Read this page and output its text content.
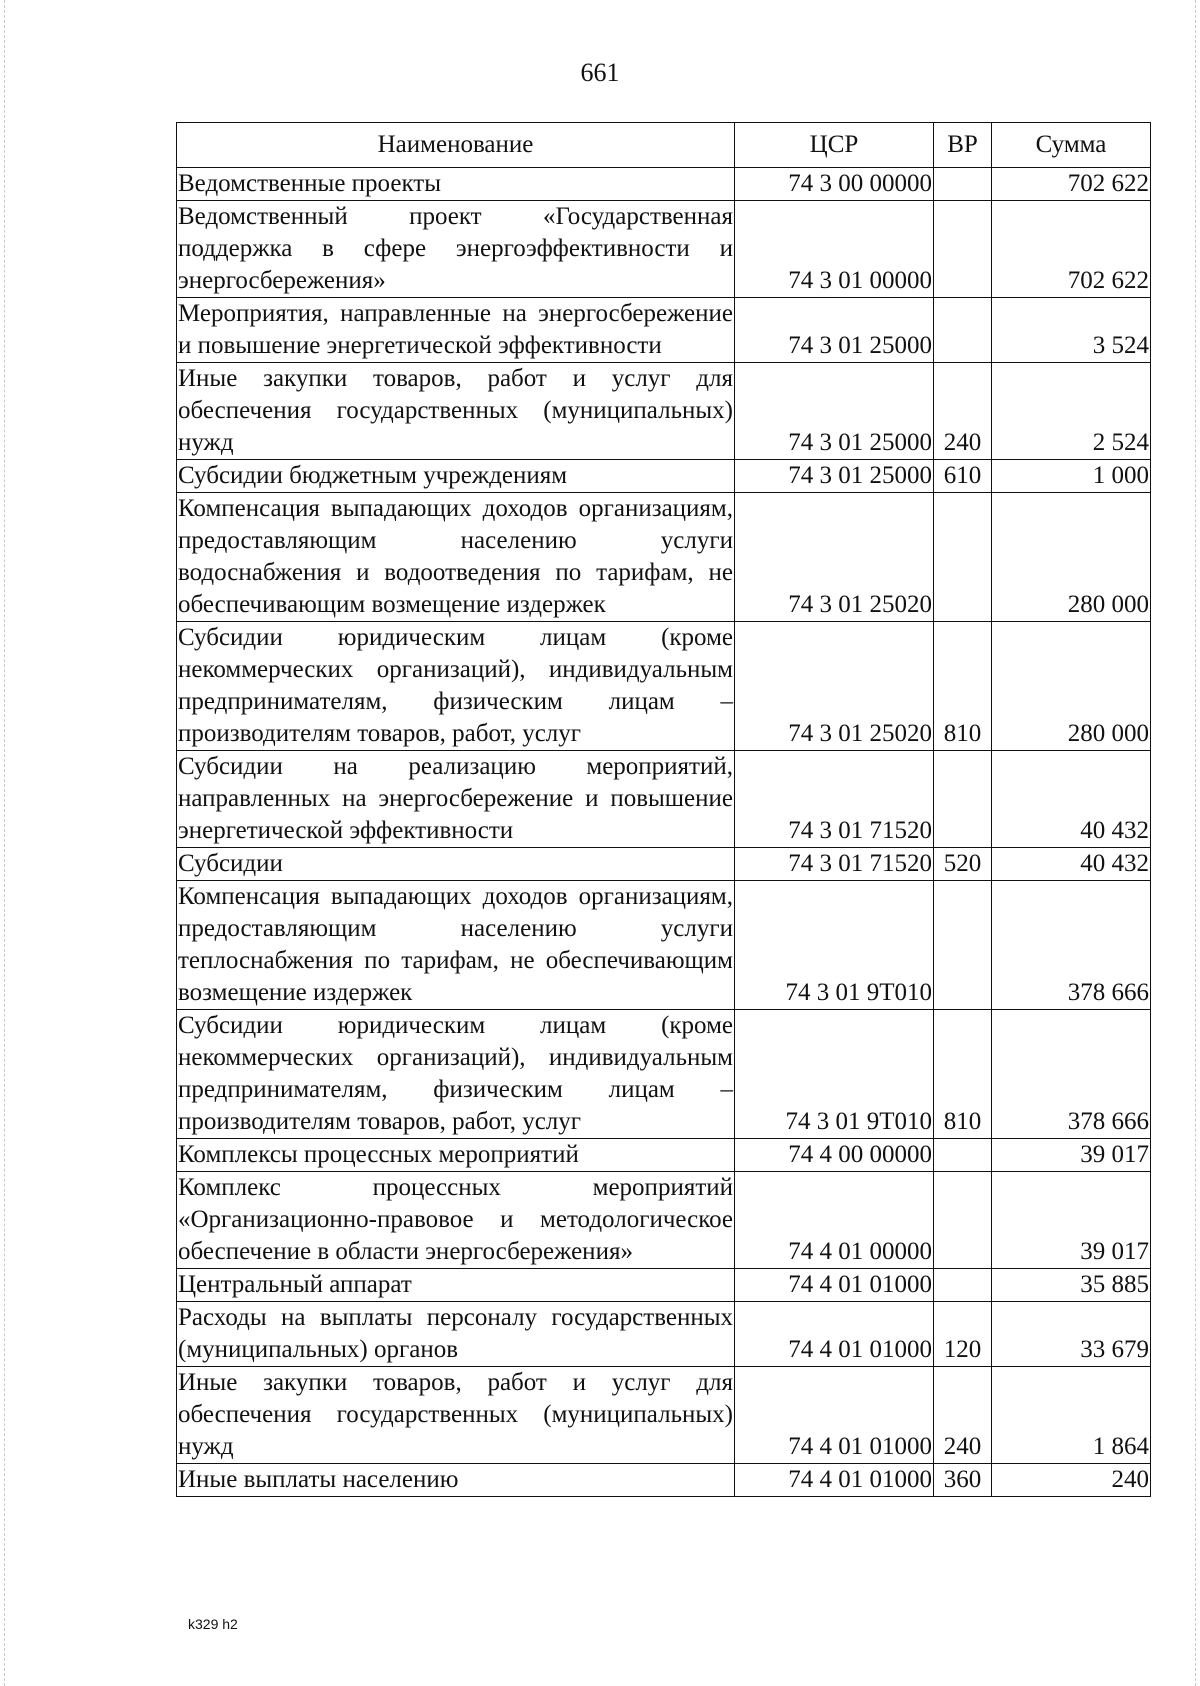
661
Наименование	ЦСР	ВР	Сумма
Ведомственные проекты	74 3 00 00000		702 622
Ведомственный проект «Государственная поддержка в сфере энергоэффективности и энергосбережения»	74 3 01 00000		702 622
Мероприятия, направленные на энергосбережение и повышение энергетической эффективности	74 3 01 25000		3 524
Иные закупки товаров, работ и услуг для обеспечения государственных (муниципальных) нужд	74 3 01 25000	240	2 524
Субсидии бюджетным учреждениям	74 3 01 25000	610	1 000
Компенсация выпадающих доходов организациям, предоставляющим населению услуги водоснабжения и водоотведения по тарифам, не обеспечивающим возмещение издержек	74 3 01 25020		280 000
Субсидии юридическим лицам (кроме некоммерческих организаций), индивидуальным предпринимателям, физическим лицам – производителям товаров, работ, услуг	74 3 01 25020	810	280 000
Субсидии на реализацию мероприятий, направленных на энергосбережение и повышение энергетической эффективности	74 3 01 71520		40 432
Субсидии	74 3 01 71520	520	40 432
Компенсация выпадающих доходов организациям, предоставляющим населению услуги теплоснабжения по тарифам, не обеспечивающим возмещение издержек	74 3 01 9Т010		378 666
Субсидии юридическим лицам (кроме некоммерческих организаций), индивидуальным предпринимателям, физическим лицам – производителям товаров, работ, услуг	74 3 01 9Т010	810	378 666
Комплексы процессных мероприятий	74 4 00 00000		39 017
Комплекс процессных мероприятий «Организационно-правовое и методологическое обеспечение в области энергосбережения»	74 4 01 00000		39 017
Центральный аппарат	74 4 01 01000		35 885
Расходы на выплаты персоналу государственных (муниципальных) органов	74 4 01 01000	120	33 679
Иные закупки товаров, работ и услуг для обеспечения государственных (муниципальных) нужд	74 4 01 01000	240	1 864
Иные выплаты населению	74 4 01 01000	360	240
k329 h2
